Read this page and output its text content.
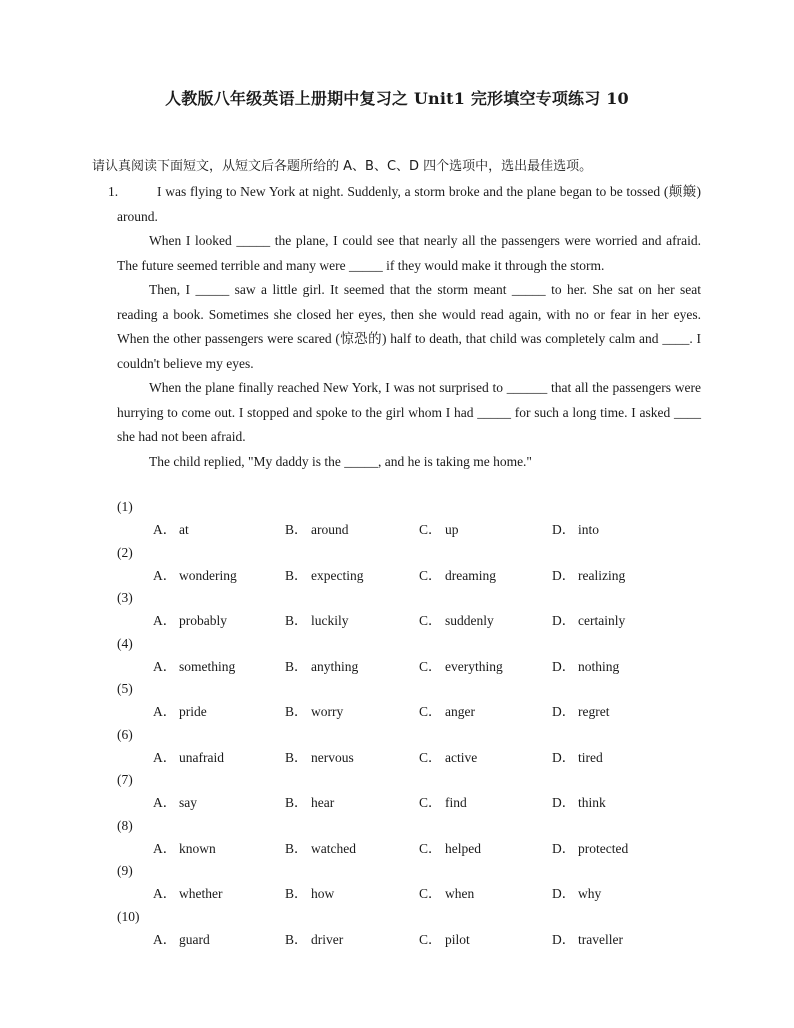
人教版八年级英语上册期中复习之 Unit1 完形填空专项练习 10
请认真阅读下面短文，从短文后各题所给的 A、B、C、D 四个选项中，选出最佳选项。
1.	I was flying to New York at night. Suddenly, a storm broke and the plane began to be tossed (颠簸) around.

When I looked _____ the plane, I could see that nearly all the passengers were worried and afraid. The future seemed terrible and many were _____ if they would make it through the storm.

Then, I _____ saw a little girl. It seemed that the storm meant _____ to her. She sat on her seat reading a book. Sometimes she closed her eyes, then she would read again, with no or fear in her eyes. When the other passengers were scared (惊恐的) half to death, that child was completely calm and ____. I couldn't believe my eyes.

When the plane finally reached New York, I was not surprised to ______ that all the passengers were hurrying to come out. I stopped and spoke to the girl whom I had _____ for such a long time. I asked ____ she had not been afraid.

The child replied, "My daddy is the _____, and he is taking me home."

(1)
A． at	B． around	C． up	D． into
(2)
A． wondering	B． expecting	C． dreaming	D． realizing
(3)
A． probably	B． luckily	C． suddenly	D． certainly
(4)
A． something	B． anything	C． everything	D． nothing
(5)
A． pride	B． worry	C． anger	D． regret
(6)
A． unafraid	B． nervous	C． active	D． tired
(7)
A． say	B． hear	C． find	D． think
(8)
A． known	B． watched	C． helped	D． protected
(9)
A． whether	B． how	C． when	D． why
(10)
A． guard	B． driver	C． pilot	D． traveller
